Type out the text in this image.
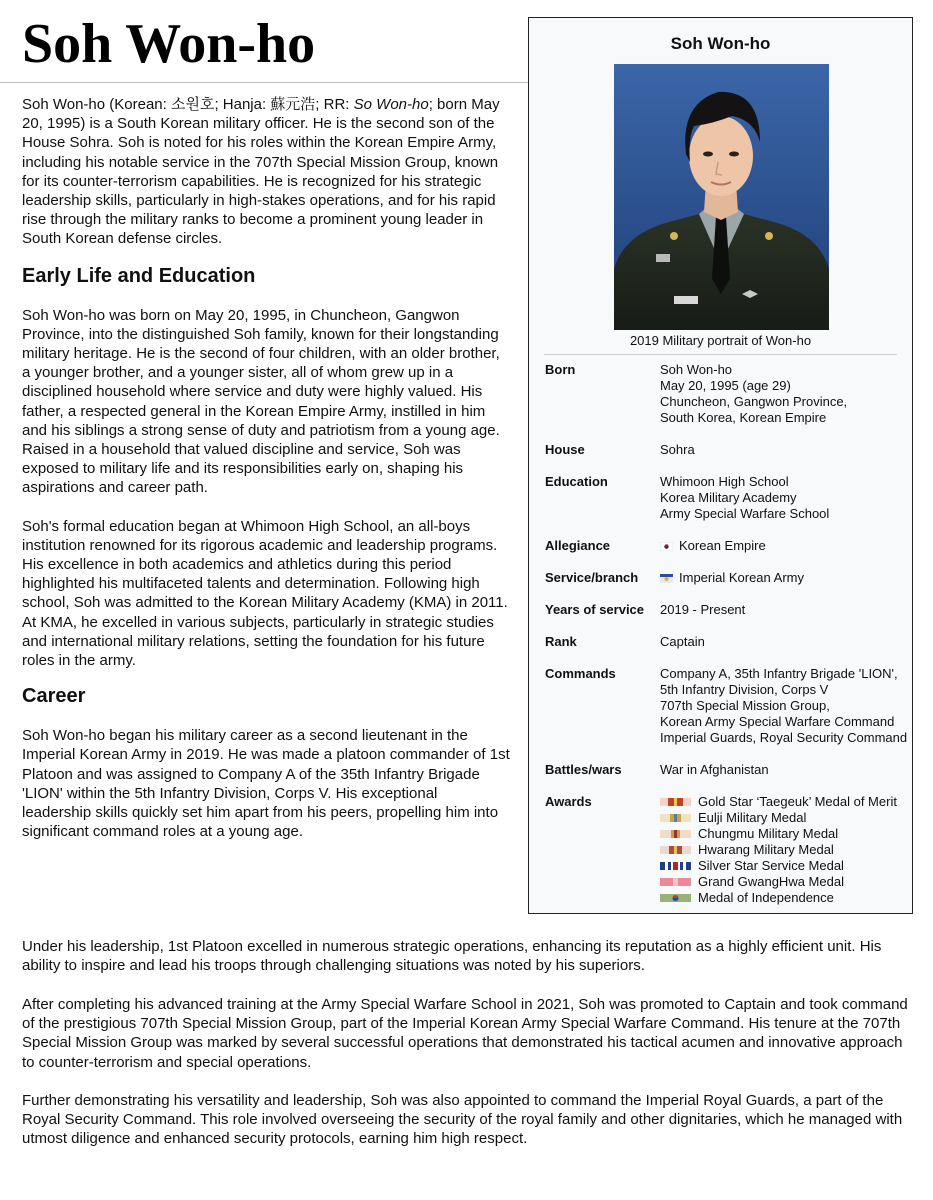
Soh Won-ho

Soh Won-ho (Korean: 소원호; Hanja: 蘇元浩; RR: So Won-ho; born May 20, 1995) is a South Korean military officer. He is the second son of the House Sohra. Soh is noted for his roles within the Korean Empire Army, including his notable service in the 707th Special Mission Group, known for its counter-terrorism capabilities. He is recognized for his strategic leadership skills, particularly in high-stakes operations, and for his rapid rise through the military ranks to become a prominent young leader in South Korean defense circles.

Early Life and Education

Soh Won-ho was born on May 20, 1995, in Chuncheon, Gangwon Province, into the distinguished Soh family, known for their longstanding military heritage. He is the second of four children, with an older brother, a younger brother, and a younger sister, all of whom grew up in a disciplined household where service and duty were highly valued. His father, a respected general in the Korean Empire Army, instilled in him and his siblings a strong sense of duty and patriotism from a young age. Raised in a household that valued discipline and service, Soh was exposed to military life and its responsibilities early on, shaping his aspirations and career path.

Soh's formal education began at Whimoon High School, an all-boys institution renowned for its rigorous academic and leadership programs. His excellence in both academics and athletics during this period highlighted his multifaceted talents and determination. Following high school, Soh was admitted to the Korean Military Academy (KMA) in 2011. At KMA, he excelled in various subjects, particularly in strategic studies and international military relations, setting the foundation for his future roles in the army.

Career

Soh Won-ho began his military career as a second lieutenant in the Imperial Korean Army in 2019. He was made a platoon commander of 1st Platoon and was assigned to Company A of the 35th Infantry Brigade 'LION' within the 5th Infantry Division, Corps V. His exceptional leadership skills quickly set him apart from his peers, propelling him into significant command roles at a young age.

Under his leadership, 1st Platoon excelled in numerous strategic operations, enhancing its reputation as a highly efficient unit. His ability to inspire and lead his troops through challenging situations was noted by his superiors.

After completing his advanced training at the Army Special Warfare School in 2021, Soh was promoted to Captain and took command of the prestigious 707th Special Mission Group, part of the Imperial Korean Army Special Warfare Command. His tenure at the 707th Special Mission Group was marked by several successful operations that demonstrated his tactical acumen and innovative approach to counter-terrorism and special operations.

Further demonstrating his versatility and leadership, Soh was also appointed to command the Imperial Royal Guards, a part of the Royal Security Command. This role involved overseeing the security of the royal family and other dignitaries, which he managed with utmost diligence and enhanced security protocols, earning him high respect.

Soh Won-ho
2019 Military portrait of Won-ho
Born	Soh Won-ho
May 20, 1995 (age 29)
Chuncheon, Gangwon Province,
South Korea, Korean Empire
House	Sohra
Education	Whimoon High School
Korea Military Academy
Army Special Warfare School
Allegiance	Korean Empire
Service/branch	Imperial Korean Army
Years of service	2019 - Present
Rank	Captain
Commands	Company A, 35th Infantry Brigade 'LION',
5th Infantry Division, Corps V
707th Special Mission Group,
Korean Army Special Warfare Command
Imperial Guards, Royal Security Command
Battles/wars	War in Afghanistan
Awards	Gold Star ‘Taegeuk’ Medal of Merit
Eulji Military Medal
Chungmu Military Medal
Hwarang Military Medal
Silver Star Service Medal
Grand GwangHwa Medal
Medal of Independence
